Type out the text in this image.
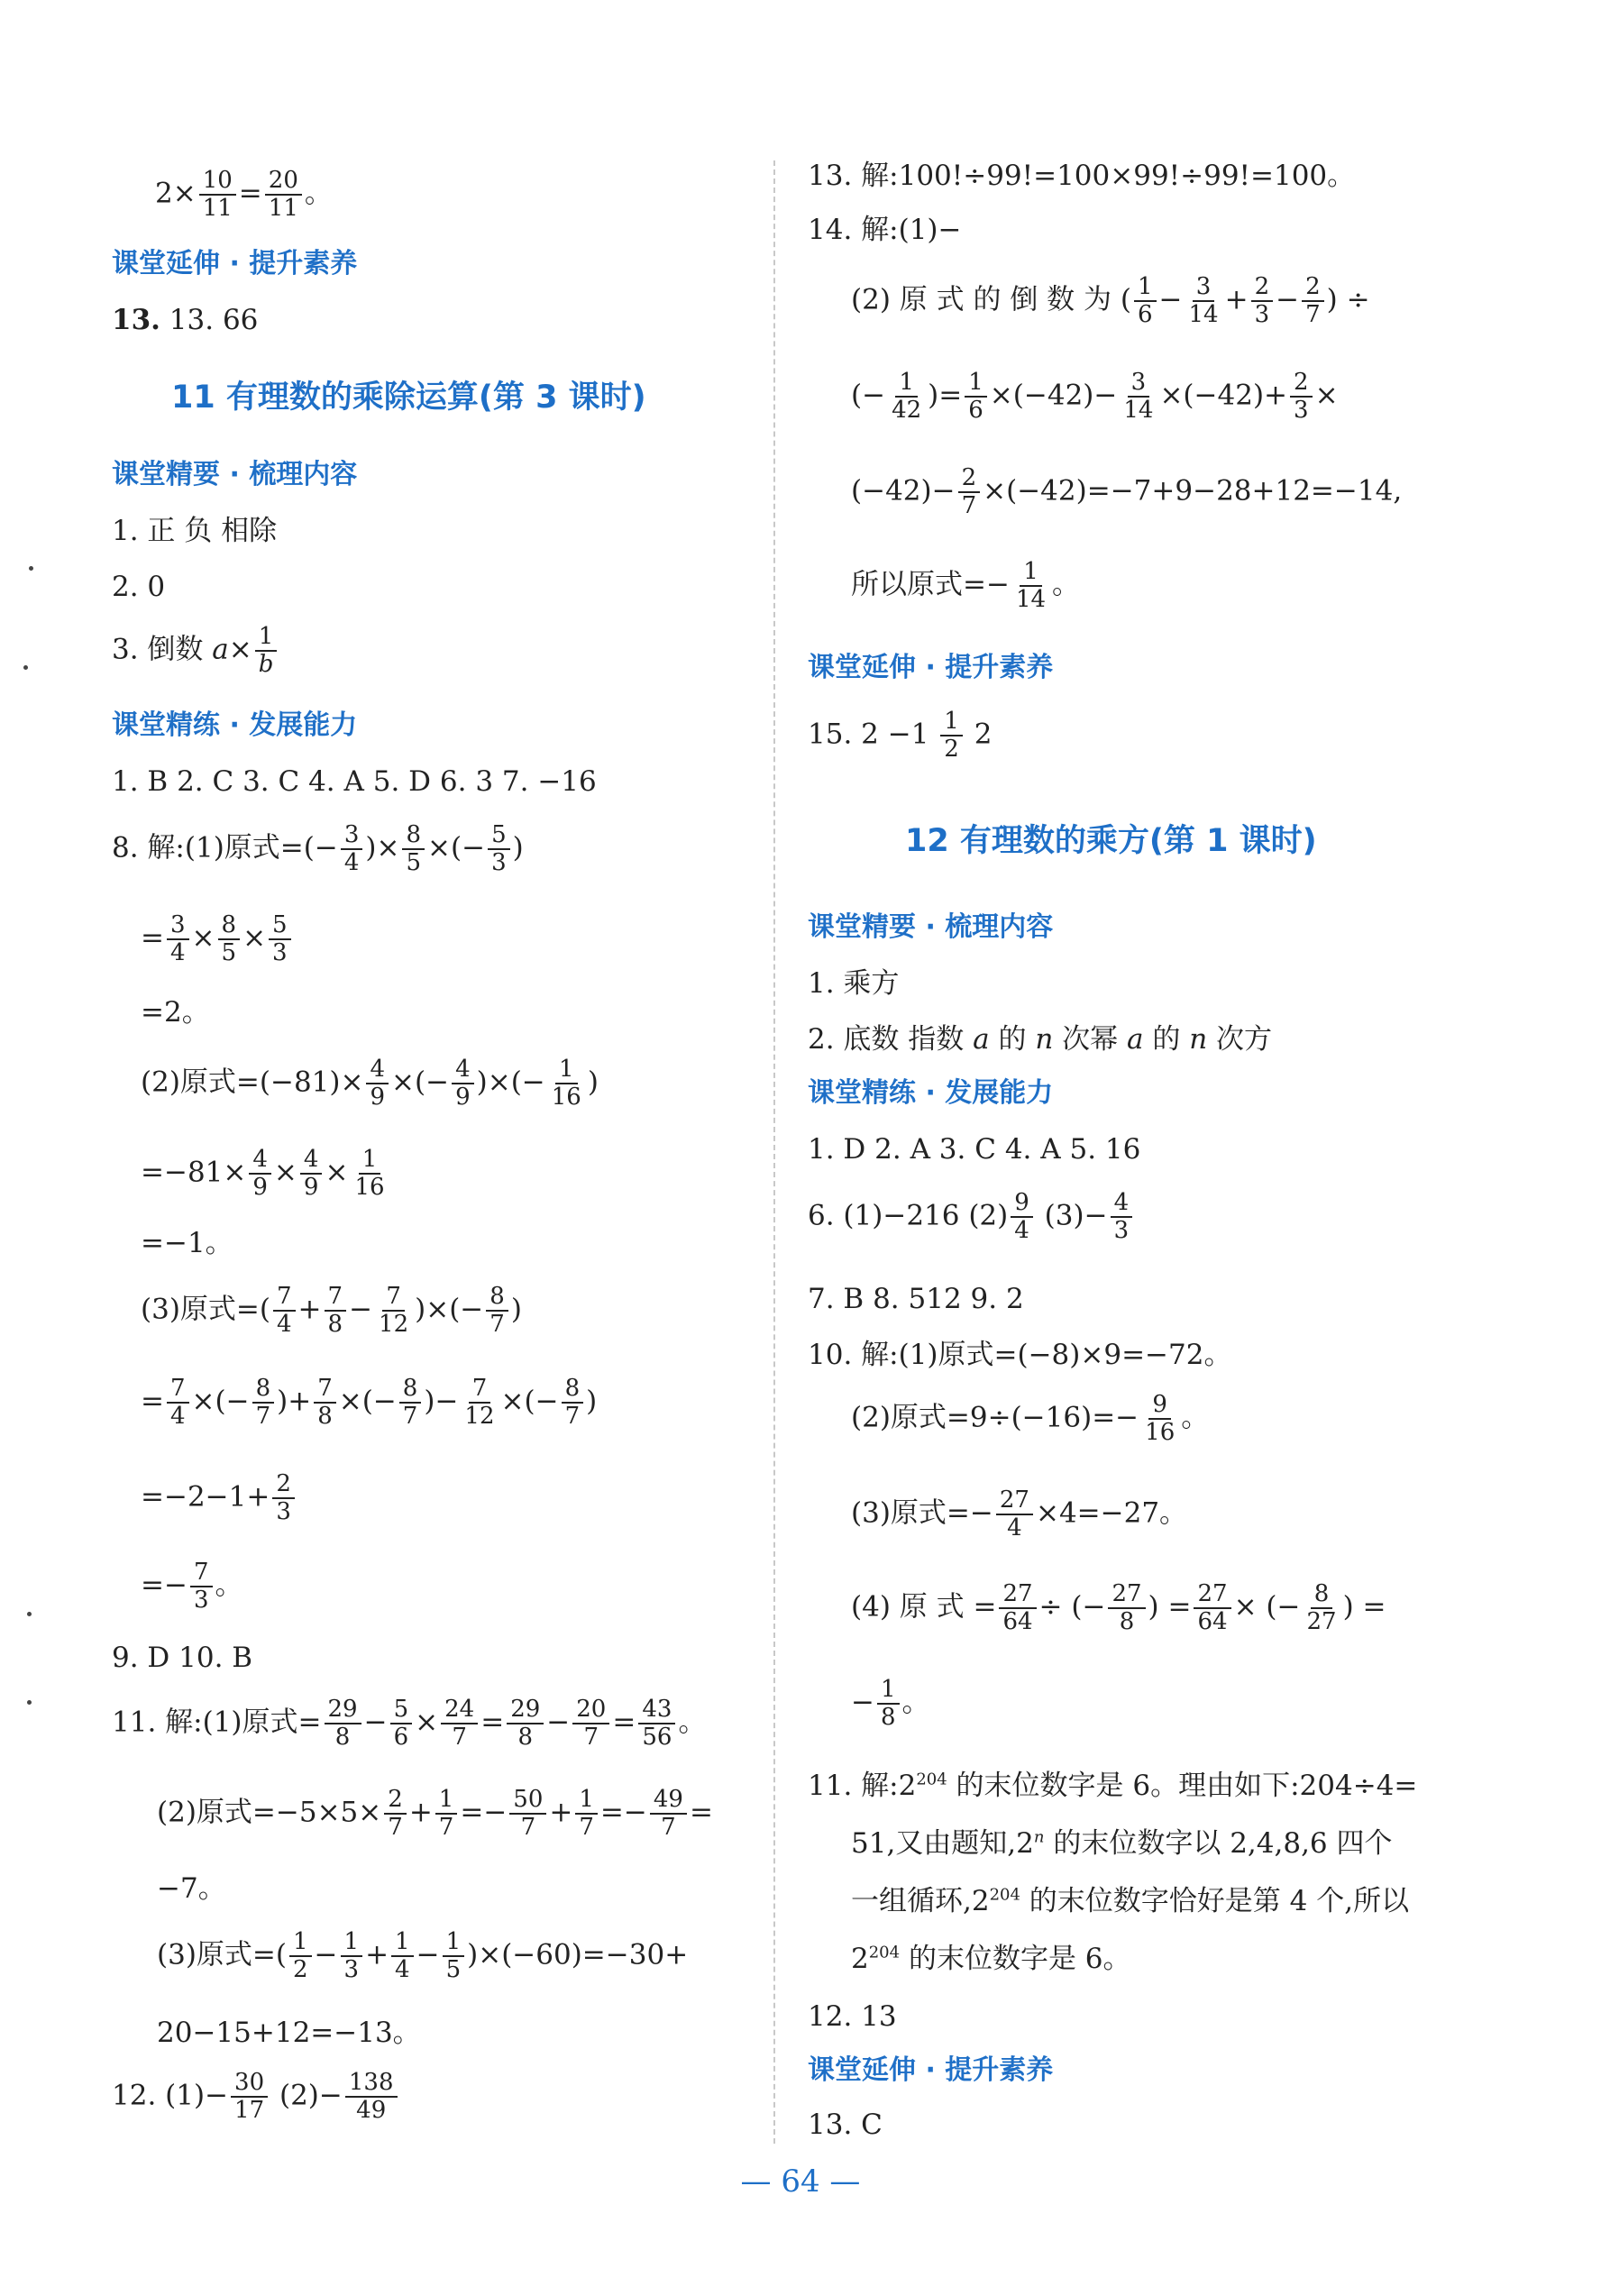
$2\times \frac{10}{11} = \frac{20}{11}$ 。
课堂延伸 · 提升素养
13. 13. 66
11 有理数的乘除运算(第 3 课时)
课堂精要 · 梳理内容
1. 正 负 相除
2. 0
3. 倒数 $a\times \frac{1}{b}$
课堂精练 · 发展能力
1. B 2. C 3. C 4. A 5. D 6. 3 7. −16
8. 解:(1)原式=(− $\frac{3}{4}$ )× $\frac{8}{5}$ ×(− $\frac{5}{3}$ )
= $\frac{3}{4} \times \frac{8}{5} \times \frac{5}{3}$
=2。
(2)原式$=(-81)\times \frac{4}{9}$ ×(− $\frac{4}{9}$ )×(− $\frac{1}{16}$ )
$=-81\times \frac{4}{9} \times \frac{4}{9} \times \frac{1}{16}$
=−1。
(3)原式=( $\frac{7}{4} + \frac{7}{8} - \frac{7}{12}$ )×(− $\frac{8}{7}$ )
= $\frac{7}{4}$ ×(− $\frac{8}{7}$ )+ $\frac{7}{8}$ ×(− $\frac{8}{7}$ )− $\frac{7}{12}$ ×(− $\frac{8}{7}$ )
$=-2-1+ \frac{2}{3}$
=− $\frac{7}{3}$ 。
9. D 10. B
11. 解:(1)原式= $\frac{29}{8} - \frac{5}{6} \times \frac{24}{7} = \frac{29}{8} - \frac{20}{7} = \frac{43}{56}$ 。
(2)原式$=-5\times 5\times \frac{2}{7} + \frac{1}{7} =- \frac{50}{7} + \frac{1}{7} =- \frac{49}{7}$ =
−7。
(3)原式=( $\frac{1}{2} - \frac{1}{3} + \frac{1}{4} - \frac{1}{5} )\times(-60)=-30+$
20−15+12=−13。
12. $(1)- \frac{30}{17} (2)- \frac{138}{49}$
13. 解:100!÷99!=100×99!÷99!=100。
14. 解:(1)−
(2) 原 式 的 倒 数 为 ( $\frac{1}{6} - \frac{3}{14} + \frac{2}{3} - \frac{2}{7}$ ) ÷
(− $\frac{1}{42}$ )= $\frac{1}{6} \times(-42)- \frac{3}{14} \times(-42)+ \frac{2}{3}$ ×
$(-42)- \frac{2}{7} \times(-42)=-7+9-28+12=-14$,
所以原式=− $\frac{1}{14}$ 。
课堂延伸 · 提升素养
15. $2 -1 \frac{1}{2} 2$
12 有理数的乘方(第 1 课时)
课堂精要 · 梳理内容
1. 乘方
2. 底数 指数 a 的 n 次幂 a 的 n 次方
课堂精练 · 发展能力
1. D 2. A 3. C 4. A 5. 16
6. (1)−216 $(2) \frac{9}{4} (3)- \frac{4}{3}$
7. B 8. 512 9. 2
10. 解:(1)原式=(−8)×9=−72。
(2)原式$=9\div(-16)=- \frac{9}{16}$ 。
(3)原式=− $\frac{27}{4} \times 4=-27$。
(4) 原 式 = $\frac{27}{64}$ ÷ (− $\frac{27}{8}$ ) = $\frac{27}{64}$ × (− $\frac{8}{27}$ ) =
− $\frac{1}{8}$ 。
11. 解$:2^{204}$ 的末位数字是 6。理由如下:204÷4=
51,又由题知,2$^n$ 的末位数字以 2,4,8,6 四个
一组循环$,2^{204}$ 的末位数字恰好是第 4 个,所以
$2^{204}$ 的末位数字是 6。
12. 13
课堂延伸 · 提升素养
13. C
— 64 —
